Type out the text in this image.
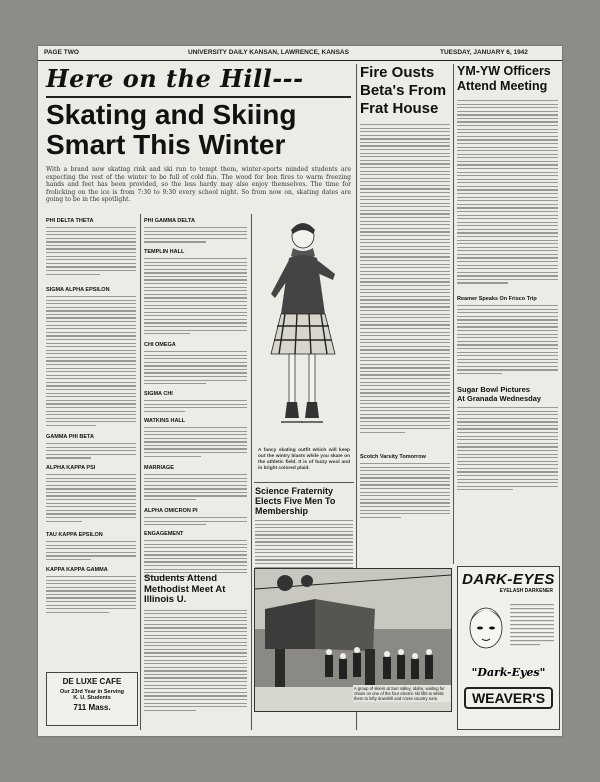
PAGE TWO	UNIVERSITY DAILY KANSAN, LAWRENCE, KANSAS	TUESDAY, JANUARY 6, 1942
Here on the Hill---
Skating and Skiing
Smart This Winter
With a brand new skating rink and ski run to tempt them, winter-sports minded students are expecting the rest of the winter to be full of cold fun. The wood for bon fires to warm freezing hands and feet has been provided, so the less hardy may also enjoy themselves. The time for frolicking on the ice is from 7:30 to 9:30 every school night. So from now on, skating dates are going to be in the spotlight.
PHI DELTA THETA
SIGMA ALPHA EPSILON
GAMMA PHI BETA
ALPHA KAPPA PSI
TAU KAPPA EPSILON
KAPPA KAPPA GAMMA
DE LUXE CAFE
Our 23rd Year in Serving
K. U. Students
711 Mass.
PHI GAMMA DELTA
TEMPLIN HALL
CHI OMEGA
SIGMA CHI
WATKINS HALL
MARRIAGE
ALPHA OMICRON PI
ENGAGEMENT
Students Attend Methodist Meet At Illinois U.
A fancy skating outfit which will keep out the wintry blasts while you skate on the athletic field. It is of fuzzy wool and in bright colored plaid.
Science Fraternity Elects Five Men To Membership
Fire Ousts Beta's From Frat House
Scotch Varsity Tomorrow
A group of skiers at Sun Valley, Idaho, waiting for chairs on one of the four electric ski lifts to whisk them to lofty downhill and cross-country runs.
YM-YW Officers Attend Meeting
Reamer Speaks On Frisco Trip
Sugar Bowl Pictures
At Granada Wednesday
DARK-EYES
EYELASH DARKENER
"Dark-Eyes"
WEAVER'S
